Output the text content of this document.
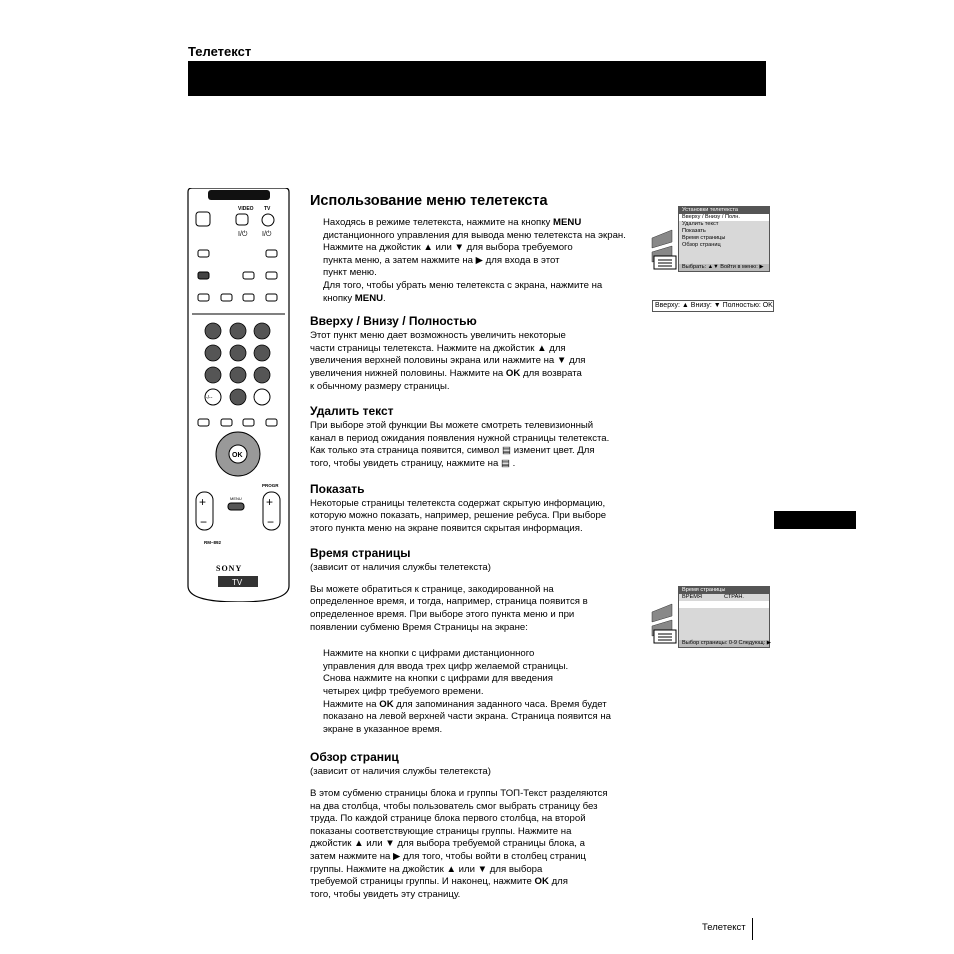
Телетекст
VIDEO TV
I/⏻ I/⏻
-/--
OK
+
−
+
−
PROGR
MENU
RM–892
SONY
TV
Установки телетекста
Вверху / Внизу / Полн.
Удалить текст
Показать
Время страницы
Обзор страниц
Выбрать: ▲▼ Войти в меню: ▶
Вверху: ▲ Внизу: ▼ Полностью: OK
Время страницы
ВРЕМЯ	СТРАН.
Выбор страницы: 0-9 Следующ: ▶
Использование меню телетекста

Находясь в режиме телетекста, нажмите на кнопку MENU
дистанционного управления для вывода меню телетекста на экран.
Нажмите на джойстик ▲ или ▼ для выбора требуемого
пункта меню, а затем нажмите на ▶ для входа в этот
пункт меню.
Для того, чтобы убрать меню телетекста с экрана, нажмите на
кнопку MENU.

Вверху / Внизу / Полностью

Этот пункт меню дает возможность увеличить некоторые
части страницы телетекста. Нажмите на джойстик ▲ для
увеличения верхней половины экрана или нажмите на ▼ для
увеличения нижней половины. Нажмите на OK для возврата
к обычному размеру страницы.

Удалить текст

При выборе этой функции Вы можете смотреть телевизионный
канал в период ожидания появления нужной страницы телетекста.
Как только эта страница появится, символ ▤ изменит цвет. Для
того, чтобы увидеть страницу, нажмите на ▤ .

Показать

Некоторые страницы телетекста содержат скрытую информацию,
которую можно показать, например, решение ребуса. При выборе
этого пункта меню на экране появится скрытая информация.

Время страницы

(зависит от наличия службы телетекста)

Вы можете обратиться к странице, закодированной на
определенное время, и тогда, например, страница появится в
определенное время. При выборе этого пункта меню и при
появлении субменю Время Страницы на экране:

Нажмите на кнопки с цифрами дистанционного
управления для ввода трех цифр желаемой страницы.
Снова нажмите на кнопки с цифрами для введения
четырех цифр требуемого времени.

Нажмите на OK для запоминания заданного часа. Время будет
показано на левой верхней части экрана. Страница появится на
экране в указанное время.

Обзор страниц

(зависит от наличия службы телетекста)

В этом субменю страницы блока и группы ТОП-Текст разделяются
на два столбца, чтобы пользователь смог выбрать страницу без
труда. По каждой странице блока первого столбца, на второй
показаны соответствующие страницы группы. Нажмите на
джойстик ▲ или ▼ для выбора требуемой страницы блока, а
затем нажмите на ▶ для того, чтобы войти в столбец страниц
группы. Нажмите на джойстик ▲ или ▼ для выбора
требуемой страницы группы. И наконец, нажмите OK для
того, чтобы увидеть эту страницу.

Телетекст
